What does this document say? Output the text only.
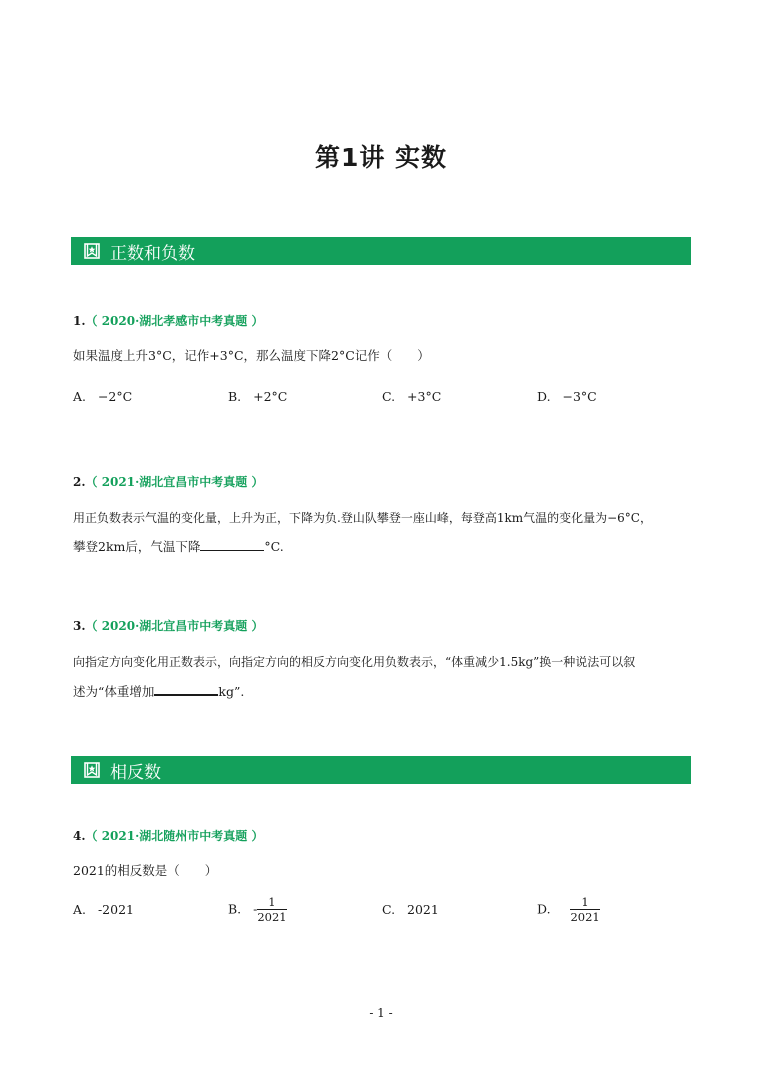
第1讲 实数
正数和负数
1.（ 2020·湖北孝感市中考真题 ）
如果温度上升3°C，记作+3°C，那么温度下降2°C记作（　　）
A. −2°C	B. +2°C	C. +3°C	D. −3°C
2.（ 2021·湖北宜昌市中考真题 ）
用正负数表示气温的变化量，上升为正，下降为负.登山队攀登一座山峰，每登高1km气温的变化量为−6°C，
攀登2km后，气温下降	°C.
3.（ 2020·湖北宜昌市中考真题 ）
向指定方向变化用正数表示，向指定方向的相反方向变化用负数表示，“体重减少1.5kg”换一种说法可以叙
述为“体重增加	kg”.
相反数
4.（ 2021·湖北随州市中考真题 ）
2021的相反数是（　　）
A. -2021	B. - $\frac{1}{2021}$	C. 2021	D. $\frac{1}{2021}$
- 1 -
